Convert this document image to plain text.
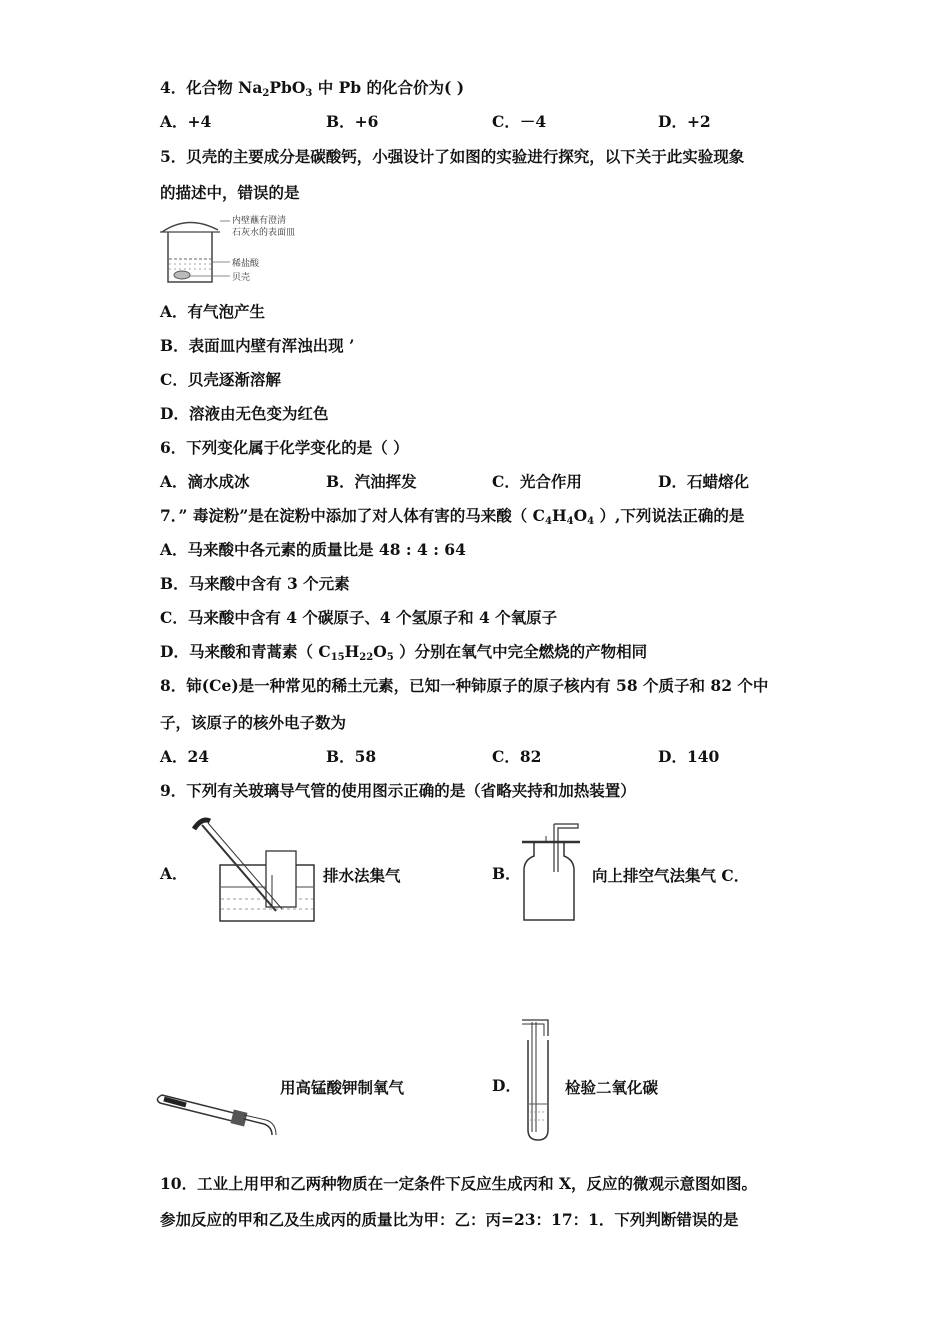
4．化合物 $Na_2PbO_3$ 中 Pb 的化合价为( )
A．+4	B．+6	C．－4	D．+2
5．贝壳的主要成分是碳酸钙，小强设计了如图的实验进行探究，以下关于此实验现象
的描述中，错误的是
内壁蘸有澄清
石灰水的表面皿
稀盐酸
贝壳
A．有气泡产生
B．表面皿内壁有浑浊出现 ’
C．贝壳逐渐溶解
D．溶液由无色变为红色
6．下列变化属于化学变化的是（ ）
A．滴水成冰	B．汽油挥发	C．光合作用	D．石蜡熔化
7．” 毒淀粉”是在淀粉中添加了对人体有害的马来酸（ $C_4H_4O_4$ ）,下列说法正确的是
A．马来酸中各元素的质量比是 48 : 4 : 64
B．马来酸中含有 3 个元素
C．马来酸中含有 4 个碳原子、4 个氢原子和 4 个氧原子
D．马来酸和青蒿素（ $C_{15}H_{22}O_5$ ）分别在氧气中完全燃烧的产物相同
8．铈(Ce)是一种常见的稀土元素，已知一种铈原子的原子核内有 58 个质子和 82 个中
子，该原子的核外电子数为
A．24	B．58	C．82	D．140
9．下列有关玻璃导气管的使用图示正确的是（省略夹持和加热装置）
A．	排水法集气	B．	向上排空气法集气 C．
用高锰酸钾制氧气	D．	检验二氧化碳
10．工业上用甲和乙两种物质在一定条件下反应生成丙和 X，反应的微观示意图如图。
参加反应的甲和乙及生成丙的质量比为甲：乙：丙=23：17：1．下列判断错误的是
